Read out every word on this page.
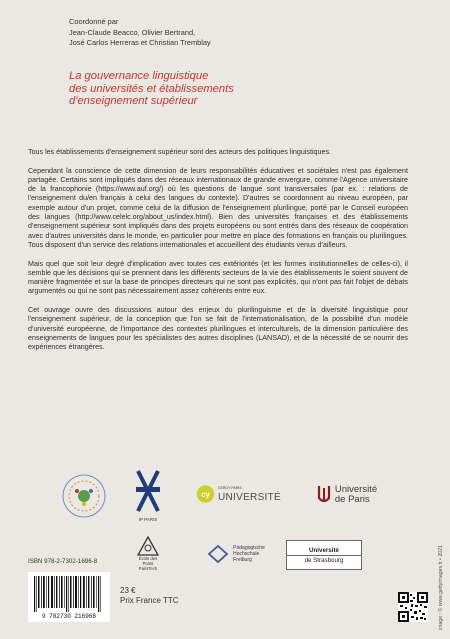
Coordonné par
Jean-Claude Beacco, Olivier Bertrand,
José Carlos Herreras et Christian Tremblay
La gouvernance linguistique
des universités et établissements
d'enseignement supérieur

Tous les établissements d'enseignement supérieur sont des acteurs des politiques linguistiques.

Cependant la conscience de cette dimension de leurs responsabilités éducatives et sociétales n'est pas également partagée. Certains sont impliqués dans des réseaux internationaux de grande envergure, comme l'Agence universitaire de la francophonie (https://www.auf.org/) où les questions de langue sont transversales (par ex. : relations de l'enseignement du/en français à celui des langues du contexte). D'autres se coordonnent au niveau européen, par exemple autour d'un projet, comme celui de la diffusion de l'enseignement plurilingue, porté par le Conseil européen des langues (http://www.celelc.org/about_us/index.html). Bien des universités françaises et des établissements d'enseignement supérieur sont impliqués dans des projets européens ou sont entrés dans des réseaux de coopération avec d'autres universités dans le monde, en particulier pour mettre en place des formations en français ou plurilingues. Tous disposent d'un service des relations internationales et accueillent des étudiants venus d'ailleurs.

Mais quel que soit leur degré d'implication avec toutes ces extériorités (et les formes institutionnelles de celles-ci), il semble que les décisions qui se prennent dans les différents secteurs de la vie des établissements le soient souvent de manière fragmentée et sur la base de principes directeurs qui ne sont pas explicités, qui n'ont pas fait l'objet de débats argumentés ou qui ne sont pas nécessairement assez cohérents entre eux.

Cet ouvrage ouvre des discussions autour des enjeux du plurilinguisme et de la diversité linguistique pour l'enseignement supérieur, de la conception que l'on se fait de l'internationalisation, de la possibilité d'un modèle d'université européenne, de l'importance des contextes plurilingues et interculturels, de la dimension particulière des enseignements de langues pour les spécialistes des autres disciplines (LANSAD), et de la nécessité de se nourrir des expériences étrangères.

IP PARIS
cy
CERGY PARIS
UNIVERSITÉ
Université
de Paris
École des Ponts
ParisTech
Pädagogische
Hochschule
Freiburg
Université
de Strasbourg
ISBN 978-2-7302-1696-8
9 782730 216968
23 €
Prix France TTC	image : © www.gettyimages.fr • 2021
